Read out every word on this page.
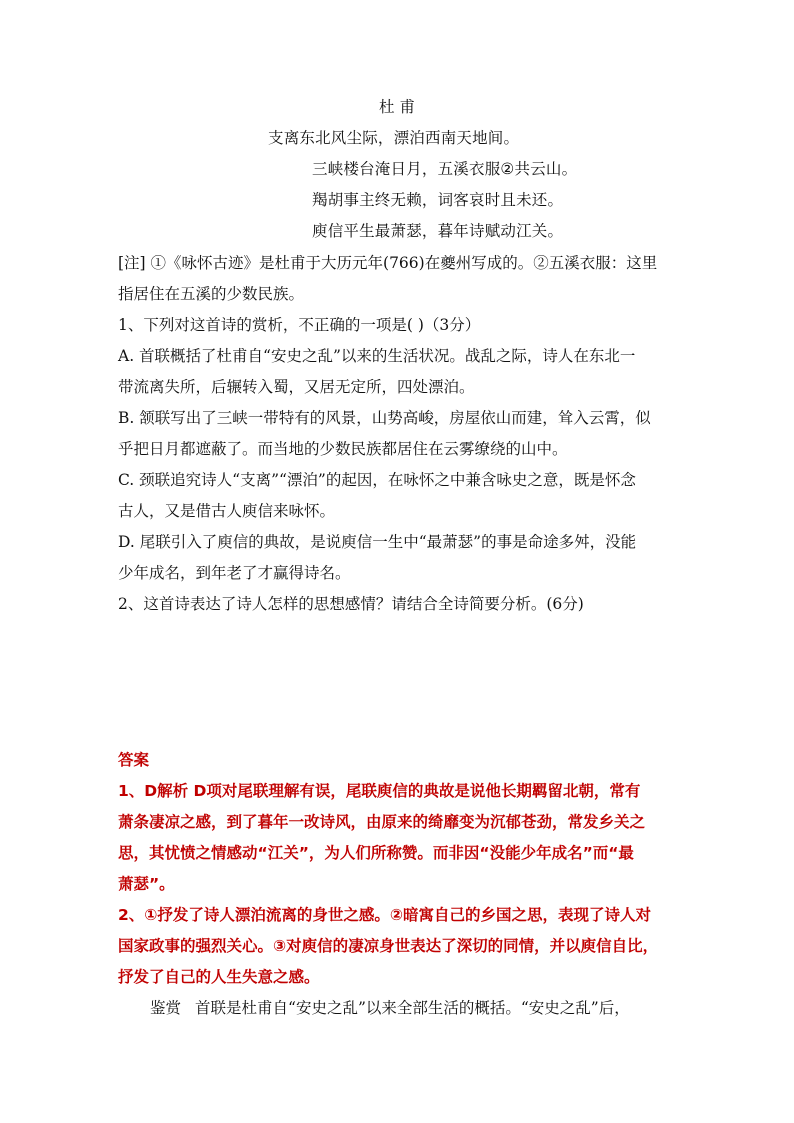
杜 甫
支离东北风尘际，漂泊西南天地间。
三峡楼台淹日月，五溪衣服②共云山。
羯胡事主终无赖，词客哀时且未还。
庾信平生最萧瑟，暮年诗赋动江关。
[注] ①《咏怀古迹》是杜甫于大历元年(766)在夔州写成的。②五溪衣服：这里
指居住在五溪的少数民族。
1、下列对这首诗的赏析，不正确的一项是( )（3分）
A. 首联概括了杜甫自“安史之乱”以来的生活状况。战乱之际，诗人在东北一
带流离失所，后辗转入蜀，又居无定所，四处漂泊。
B. 颔联写出了三峡一带特有的风景，山势高峻，房屋依山而建，耸入云霄，似
乎把日月都遮蔽了。而当地的少数民族都居住在云雾缭绕的山中。
C. 颈联追究诗人“支离”“漂泊”的起因，在咏怀之中兼含咏史之意，既是怀念
古人，又是借古人庾信来咏怀。
D. 尾联引入了庾信的典故，是说庾信一生中“最萧瑟”的事是命途多舛，没能
少年成名，到年老了才赢得诗名。
2、这首诗表达了诗人怎样的思想感情？请结合全诗简要分析。(6分)
答案
1、D解析 D项对尾联理解有误，尾联庾信的典故是说他长期羁留北朝，常有
萧条凄凉之感，到了暮年一改诗风，由原来的绮靡变为沉郁苍劲，常发乡关之
思，其忧愤之情感动“江关”，为人们所称赞。而非因“没能少年成名”而“最
萧瑟”。
2、①抒发了诗人漂泊流离的身世之感。②暗寓自己的乡国之思，表现了诗人对
国家政事的强烈关心。③对庾信的凄凉身世表达了深切的同情，并以庾信自比，
抒发了自己的人生失意之感。
鉴赏 首联是杜甫自“安史之乱”以来全部生活的概括。“安史之乱”后，
